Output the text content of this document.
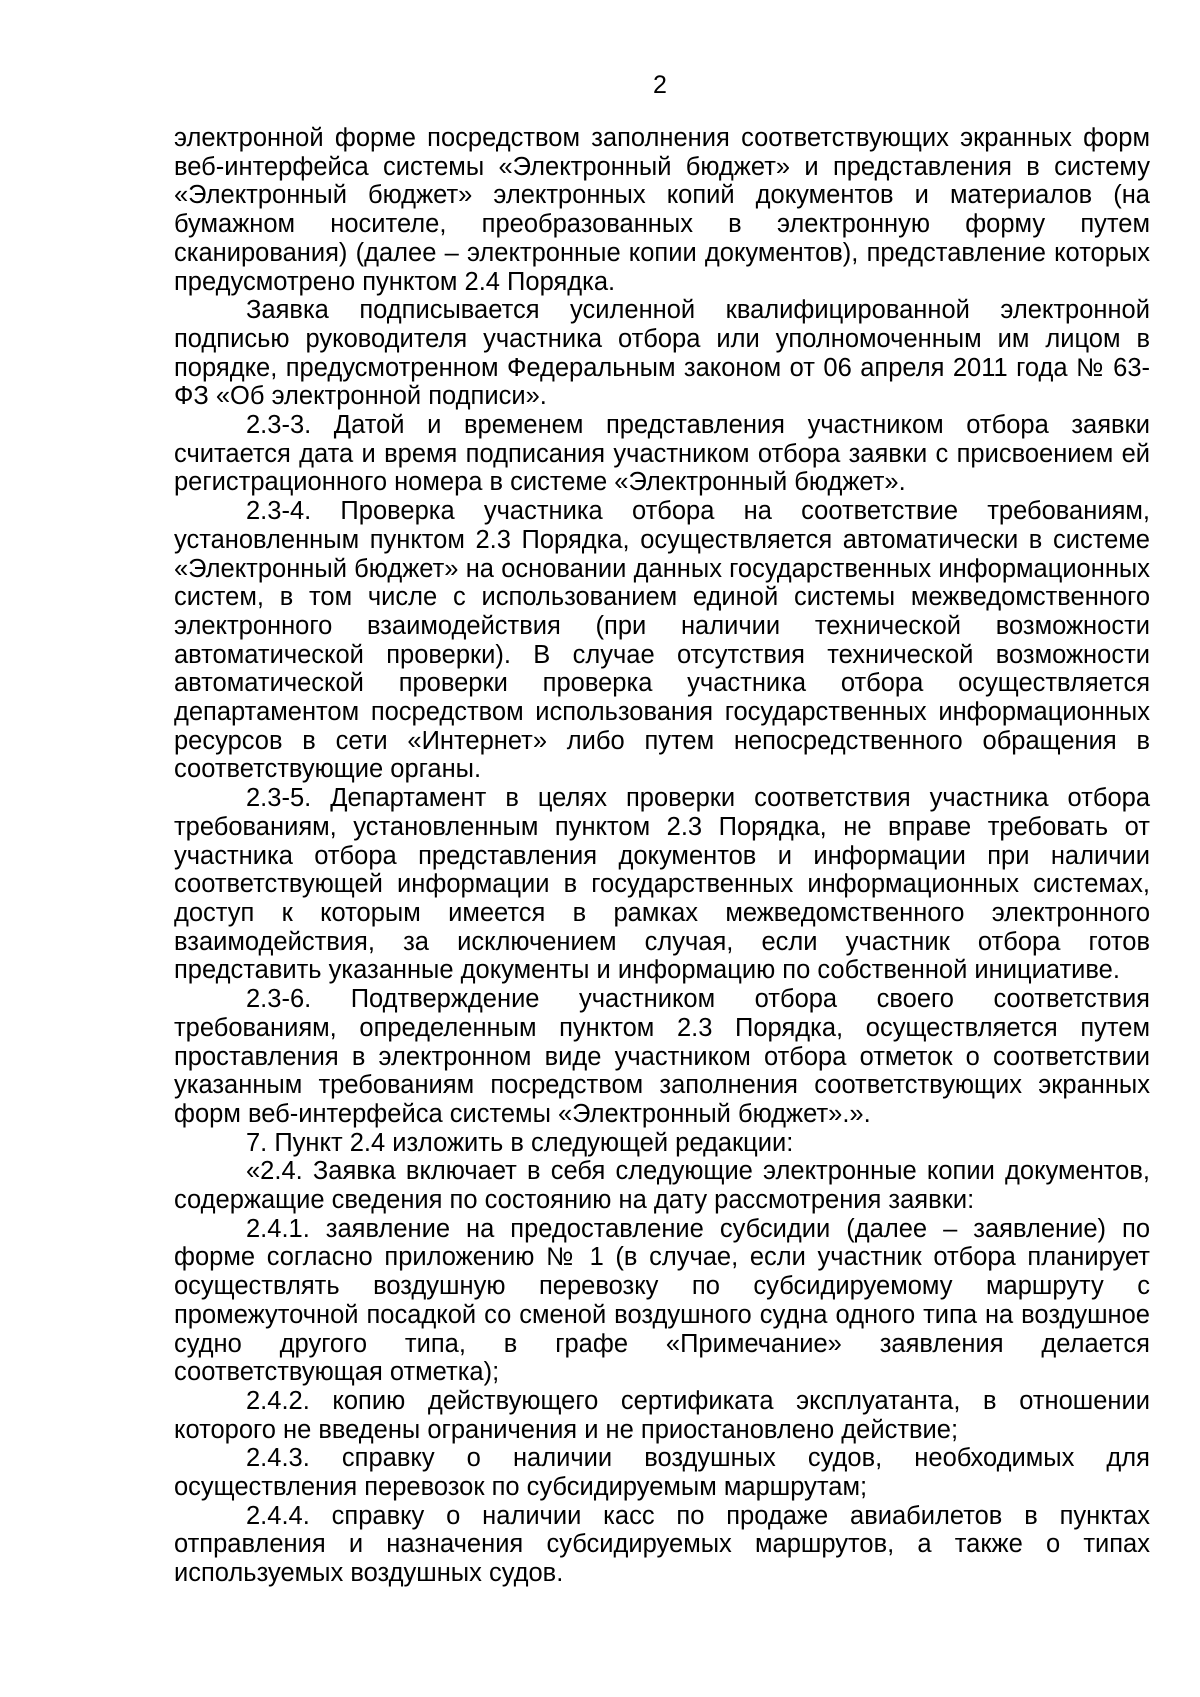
2

электронной форме посредством заполнения соответствующих экранных форм веб-интерфейса системы «Электронный бюджет» и представления в систему «Электронный бюджет» электронных копий документов и материалов (на бумажном носителе, преобразованных в электронную форму путем сканирования) (далее – электронные копии документов), представление которых предусмотрено пунктом 2.4 Порядка.

Заявка подписывается усиленной квалифицированной электронной подписью руководителя участника отбора или уполномоченным им лицом в порядке, предусмотренном Федеральным законом от 06 апреля 2011 года № 63-ФЗ «Об электронной подписи».

2.3-3. Датой и временем представления участником отбора заявки считается дата и время подписания участником отбора заявки с присвоением ей регистрационного номера в системе «Электронный бюджет».

2.3-4. Проверка участника отбора на соответствие требованиям, установленным пунктом 2.3 Порядка, осуществляется автоматически в системе «Электронный бюджет» на основании данных государственных информационных систем, в том числе с использованием единой системы межведомственного электронного взаимодействия (при наличии технической возможности автоматической проверки). В случае отсутствия технической возможности автоматической проверки проверка участника отбора осуществляется департаментом посредством использования государственных информационных ресурсов в сети «Интернет» либо путем непосредственного обращения в соответствующие органы.

2.3-5. Департамент в целях проверки соответствия участника отбора требованиям, установленным пунктом 2.3 Порядка, не вправе требовать от участника отбора представления документов и информации при наличии соответствующей информации в государственных информационных системах, доступ к которым имеется в рамках межведомственного электронного взаимодействия, за исключением случая, если участник отбора готов представить указанные документы и информацию по собственной инициативе.

2.3-6. Подтверждение участником отбора своего соответствия требованиям, определенным пунктом 2.3 Порядка, осуществляется путем проставления в электронном виде участником отбора отметок о соответствии указанным требованиям посредством заполнения соответствующих экранных форм веб-интерфейса системы «Электронный бюджет».».

7. Пункт 2.4 изложить в следующей редакции:

«2.4. Заявка включает в себя следующие электронные копии документов, содержащие сведения по состоянию на дату рассмотрения заявки:

2.4.1. заявление на предоставление субсидии (далее – заявление) по форме согласно приложению № 1 (в случае, если участник отбора планирует осуществлять воздушную перевозку по субсидируемому маршруту с промежуточной посадкой со сменой воздушного судна одного типа на воздушное судно другого типа, в графе «Примечание» заявления делается соответствующая отметка);

2.4.2. копию действующего сертификата эксплуатанта, в отношении которого не введены ограничения и не приостановлено действие;

2.4.3. справку о наличии воздушных судов, необходимых для осуществления перевозок по субсидируемым маршрутам;

2.4.4. справку о наличии касс по продаже авиабилетов в пунктах отправления и назначения субсидируемых маршрутов, а также о типах используемых воздушных судов.
